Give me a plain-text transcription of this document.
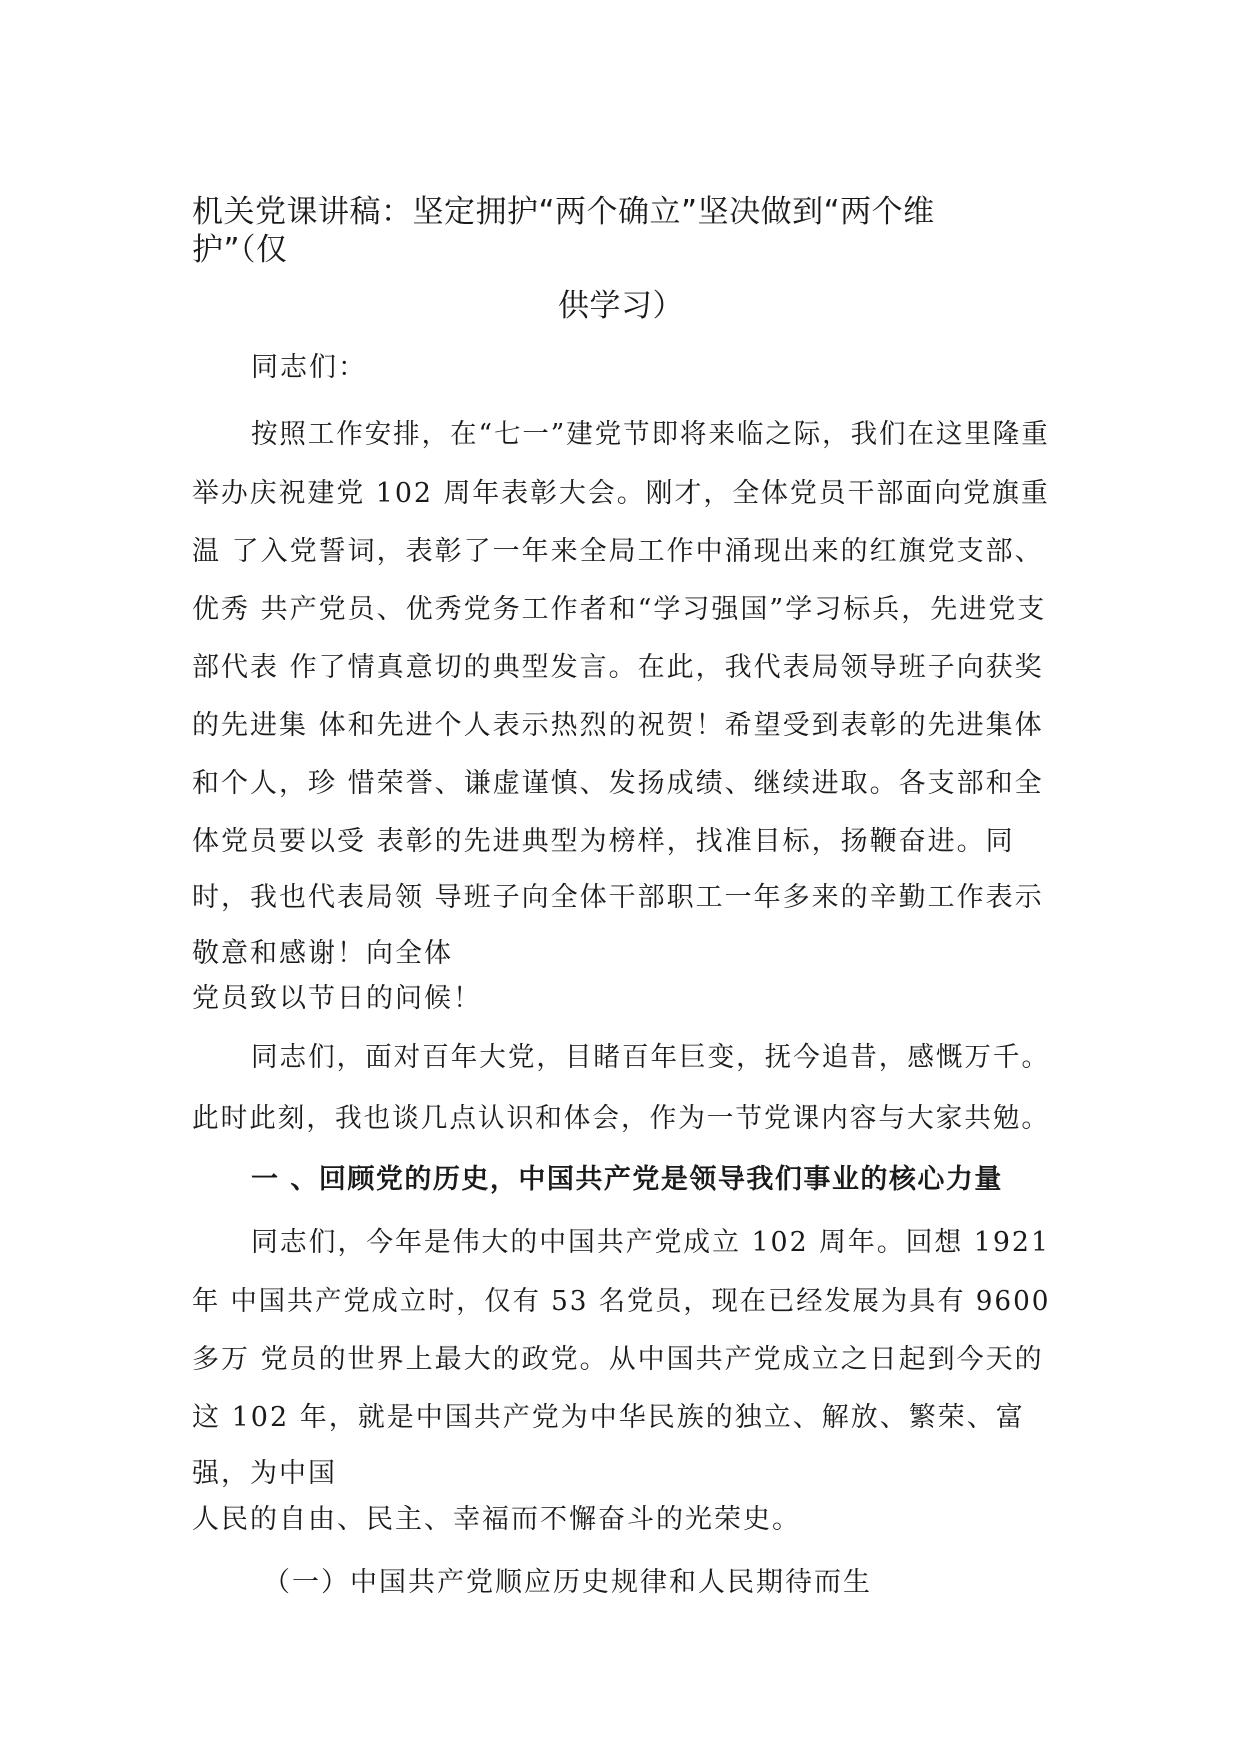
机关党课讲稿：坚定拥护“两个确立”坚决做到“两个维
护”（仅
供学习）
同志们：
按照工作安排，在“七一”建党节即将来临之际，我们在这里隆重
举办庆祝建党 102 周年表彰大会。刚才，全体党员干部面向党旗重
温 了入党誓词，表彰了一年来全局工作中涌现出来的红旗党支部、
优秀 共产党员、优秀党务工作者和“学习强国”学习标兵，先进党支
部代表 作了情真意切的典型发言。在此，我代表局领导班子向获奖
的先进集 体和先进个人表示热烈的祝贺！希望受到表彰的先进集体
和个人，珍 惜荣誉、谦虚谨慎、发扬成绩、继续进取。各支部和全
体党员要以受 表彰的先进典型为榜样，找准目标，扬鞭奋进。同
时，我也代表局领 导班子向全体干部职工一年多来的辛勤工作表示
敬意和感谢！向全体
党员致以节日的问候！
同志们，面对百年大党，目睹百年巨变，抚今追昔，感慨万千。
此时此刻，我也谈几点认识和体会，作为一节党课内容与大家共勉。
一 、回顾党的历史，中国共产党是领导我们事业的核心力量
同志们，今年是伟大的中国共产党成立 102 周年。回想 1921
年 中国共产党成立时，仅有 53 名党员，现在已经发展为具有 9600
多万 党员的世界上最大的政党。从中国共产党成立之日起到今天的
这 102 年，就是中国共产党为中华民族的独立、解放、繁荣、富
强，为中国
人民的自由、民主、幸福而不懈奋斗的光荣史。
（一）中国共产党顺应历史规律和人民期待而生
